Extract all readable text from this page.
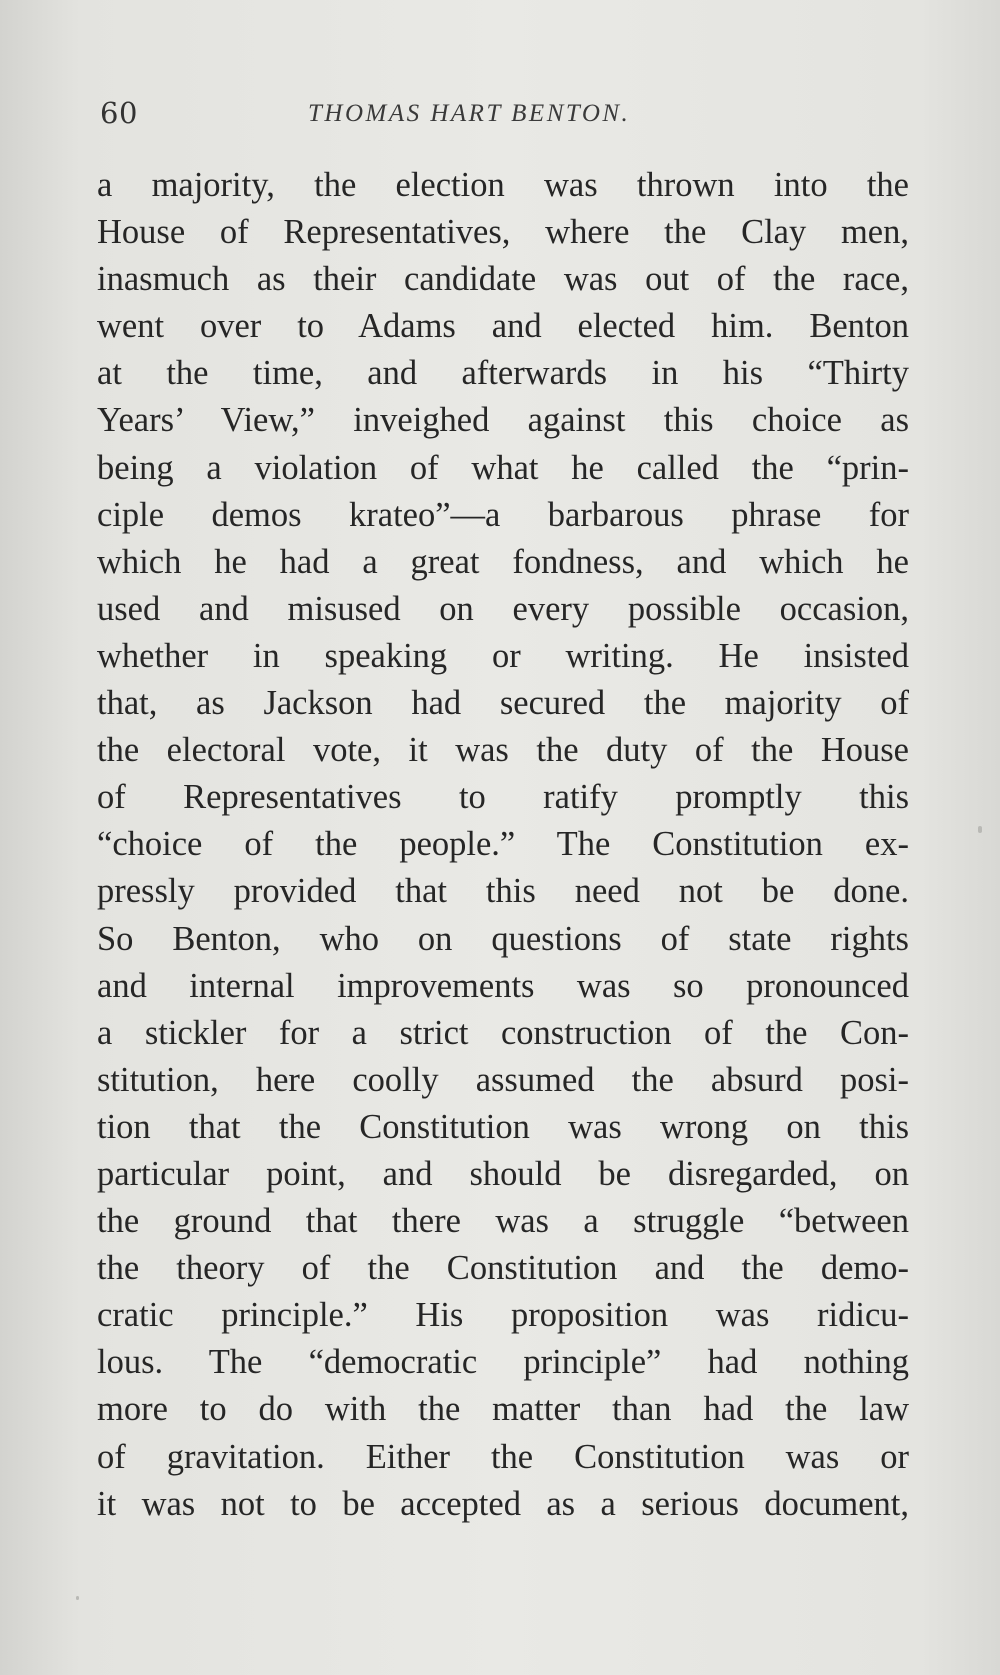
60	THOMAS HART BENTON.
a majority, the election was thrown into the
House of Representatives, where the Clay men,
inasmuch as their candidate was out of the race,
went over to Adams and elected him. Benton
at the time, and afterwards in his “Thirty
Years’ View,” inveighed against this choice as
being a violation of what he called the “prin-
ciple demos krateo”—a barbarous phrase for
which he had a great fondness, and which he
used and misused on every possible occasion,
whether in speaking or writing. He insisted
that, as Jackson had secured the majority of
the electoral vote, it was the duty of the House
of Representatives to ratify promptly this
“choice of the people.” The Constitution ex-
pressly provided that this need not be done.
So Benton, who on questions of state rights
and internal improvements was so pronounced
a stickler for a strict construction of the Con-
stitution, here coolly assumed the absurd posi-
tion that the Constitution was wrong on this
particular point, and should be disregarded, on
the ground that there was a struggle “between
the theory of the Constitution and the demo-
cratic principle.” His proposition was ridicu-
lous. The “democratic principle” had nothing
more to do with the matter than had the law
of gravitation. Either the Constitution was or
it was not to be accepted as a serious document,
